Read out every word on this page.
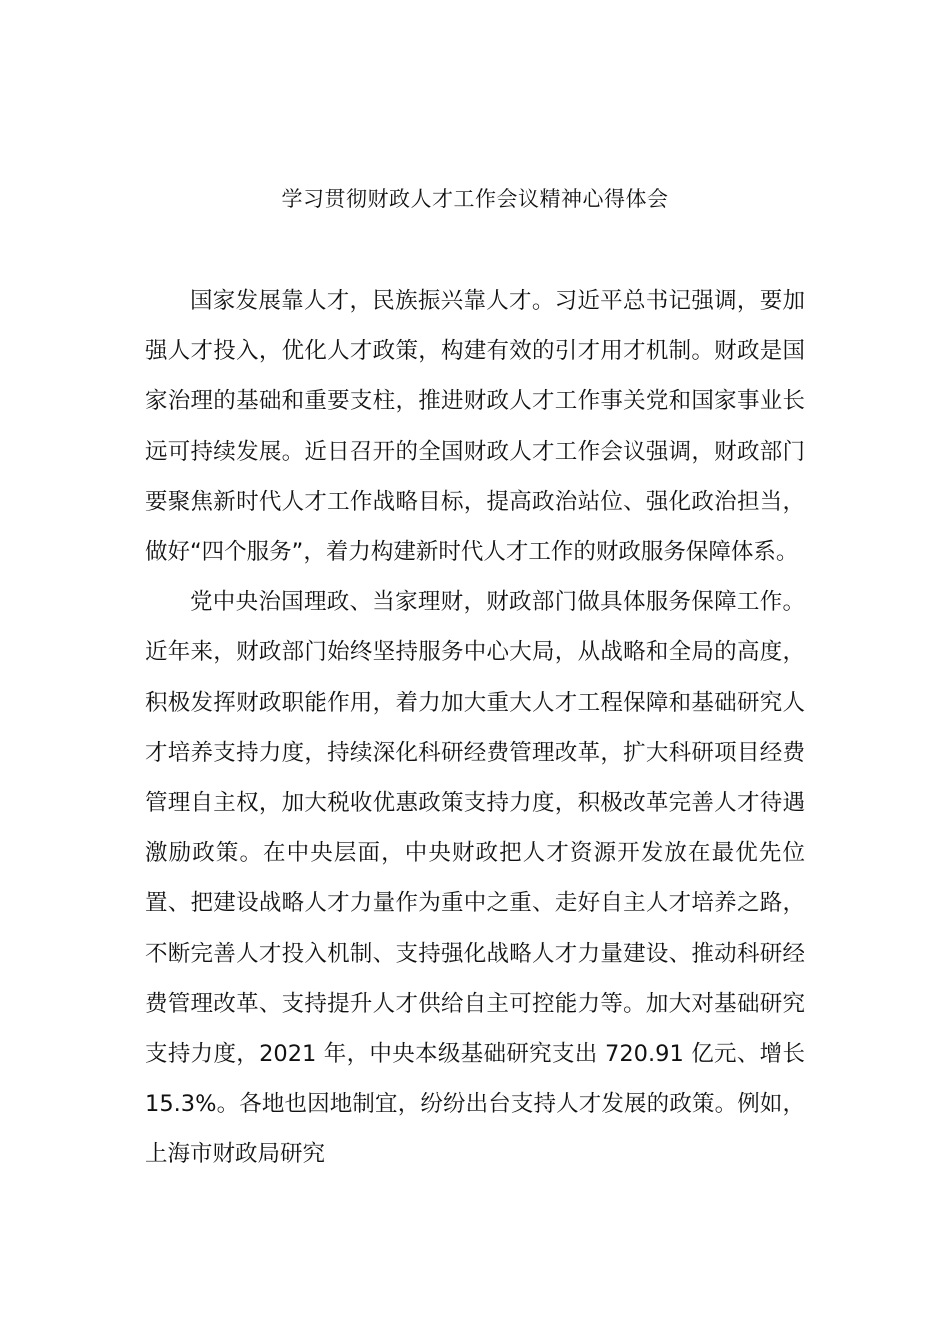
学习贯彻财政人才工作会议精神心得体会

国家发展靠人才，民族振兴靠人才。习近平总书记强调，要加强人才投入，优化人才政策，构建有效的引才用才机制。财政是国家治理的基础和重要支柱，推进财政人才工作事关党和国家事业长远可持续发展。近日召开的全国财政人才工作会议强调，财政部门要聚焦新时代人才工作战略目标，提高政治站位、强化政治担当，做好“四个服务”，着力构建新时代人才工作的财政服务保障体系。

党中央治国理政、当家理财，财政部门做具体服务保障工作。近年来，财政部门始终坚持服务中心大局，从战略和全局的高度，积极发挥财政职能作用，着力加大重大人才工程保障和基础研究人才培养支持力度，持续深化科研经费管理改革，扩大科研项目经费管理自主权，加大税收优惠政策支持力度，积极改革完善人才待遇激励政策。在中央层面，中央财政把人才资源开发放在最优先位置、把建设战略人才力量作为重中之重、走好自主人才培养之路，不断完善人才投入机制、支持强化战略人才力量建设、推动科研经费管理改革、支持提升人才供给自主可控能力等。加大对基础研究支持力度，2021 年，中央本级基础研究支出 720.91 亿元、增长 15.3%。各地也因地制宜，纷纷出台支持人才发展的政策。例如，上海市财政局研究
